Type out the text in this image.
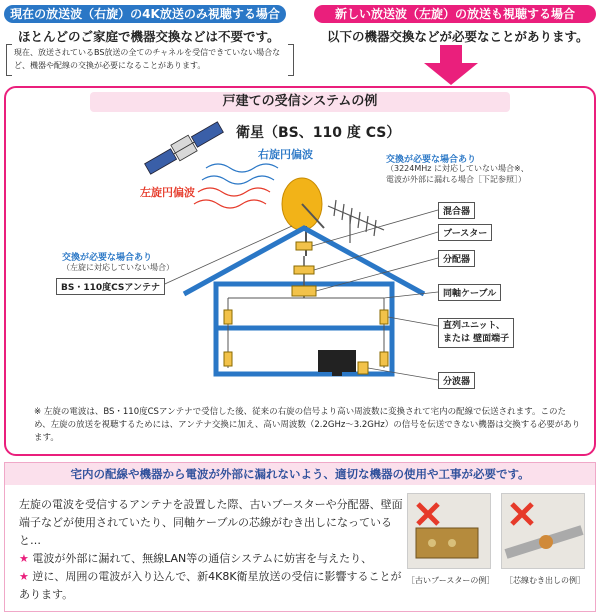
現在の放送波（右旋）の4K放送のみ視聴する場合	新しい放送波（左旋）の放送も視聴する場合
ほとんどのご家庭で機器交換などは不要です。	以下の機器交換などが必要なことがあります。
現在、放送されているBS放送の全てのチャネルを受信できていない場合など、機器や配線の交換が必要になることがあります。
戸建ての受信システムの例
衛星（BS、110 度 CS）
右旋円偏波
左旋円偏波
交換が必要な場合あり
（3224MHz に対応していない場合※、
電波が外部に漏れる場合［下記参照］）
交換が必要な場合あり
（左旋に対応していない場合）
BS・110度CSアンテナ
混合器
ブースター
分配器
同軸ケーブル
直列ユニット、
または 壁面端子
分波器
※ 左旋の電波は、BS・110度CSアンテナで受信した後、従来の右旋の信号より高い周波数に変換されて宅内の配線で伝送されます。このため、左旋の放送を視聴するためには、アンテナ交換に加え、高い周波数（2.2GHz～3.2GHz）の信号を伝送できない機器は交換する必要があります。
宅内の配線や機器から電波が外部に漏れないよう、適切な機器の使用や工事が必要です。
左旋の電波を受信するアンテナを設置した際、古いブースターや分配器、壁面端子などが使用されていたり、同軸ケーブルの芯線がむき出しになっていると…
★ 電波が外部に漏れて、無線LAN等の通信システムに妨害を与えたり、
★ 逆に、周囲の電波が入り込んで、新4K8K衛星放送の受信に影響することがあります。
［古いブースターの例］ ［芯線むき出しの例］
